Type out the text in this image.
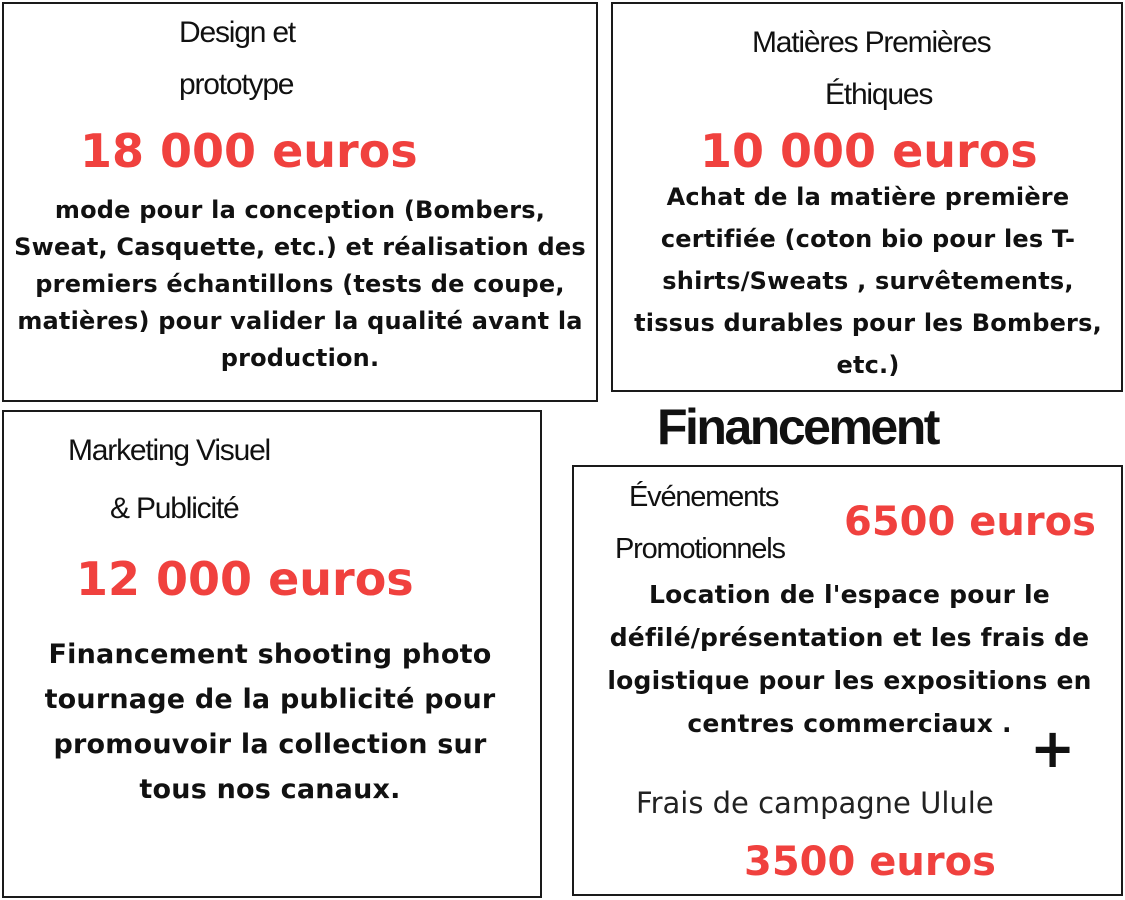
Design et
prototype
18 000 euros
mode pour la conception (Bombers, Sweat, Casquette, etc.) et réalisation des premiers échantillons (tests de coupe, matières) pour valider la qualité avant la production.
Matières Premières
Éthiques
10 000 euros
Achat de la matière première certifiée (coton bio pour les T-shirts/Sweats , survêtements, tissus durables pour les Bombers, etc.)
Financement
Marketing Visuel
& Publicité
12 000 euros
Financement shooting photo tournage de la publicité pour promouvoir la collection sur tous nos canaux.
Événements
Promotionnels
6500 euros
Location de l'espace pour le défilé/présentation et les frais de logistique pour les expositions en centres commerciaux . +
Frais de campagne Ulule
3500 euros
